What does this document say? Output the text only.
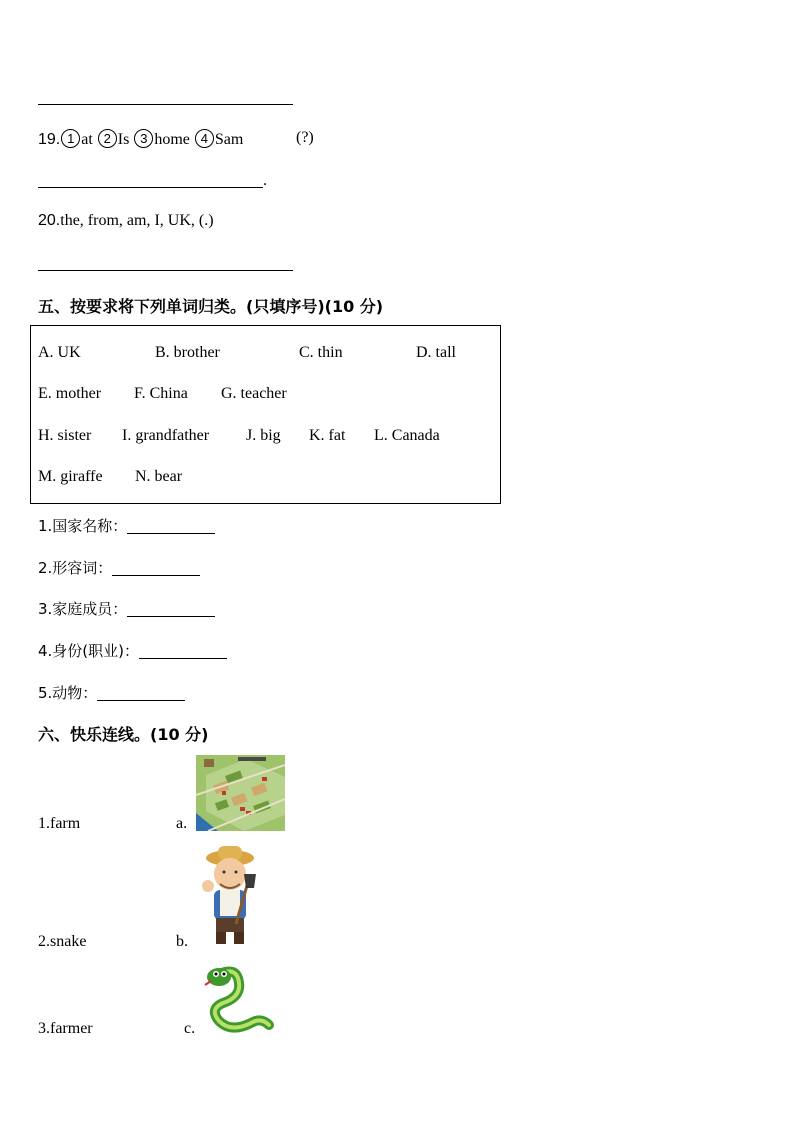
19. 1 at 2 Is 3 home 4 Sam	(?)
.
20.the, from, am, I, UK, (.)
五、按要求将下列单词归类。(只填序号)(10 分)
A. UK	B. brother	C. thin	D. tall
E. mother F. China G. teacher
H. sister I. grandfather J. big K. fat L. Canada
M. giraffe N. bear
1.国家名称：
2.形容词：
3.家庭成员：
4.身份(职业)：
5.动物：
六、快乐连线。(10 分)
1.farm	a.
2.snake	b.
3.farmer	c.
